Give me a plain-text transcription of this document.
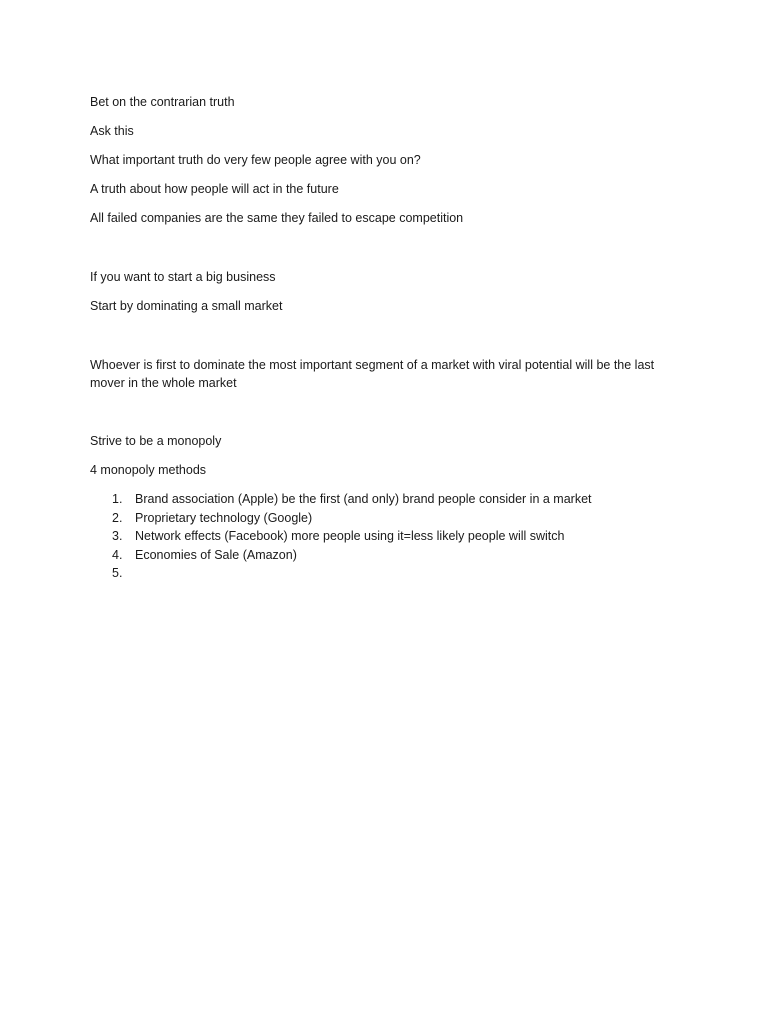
Bet on the contrarian truth

Ask this

What important truth do very few people agree with you on?

A truth about how people will act in the future

All failed companies are the same they failed to escape competition

If you want to start a big business

Start by dominating a small market

Whoever is first to dominate the most important segment of a market with viral potential will be the last mover in the whole market

Strive to be a monopoly

4 monopoly methods

1.	Brand association (Apple) be the first (and only) brand people consider in a market
2.	Proprietary technology (Google)
3.	Network effects (Facebook) more people using it=less likely people will switch
4.	Economies of Sale (Amazon)
5.
